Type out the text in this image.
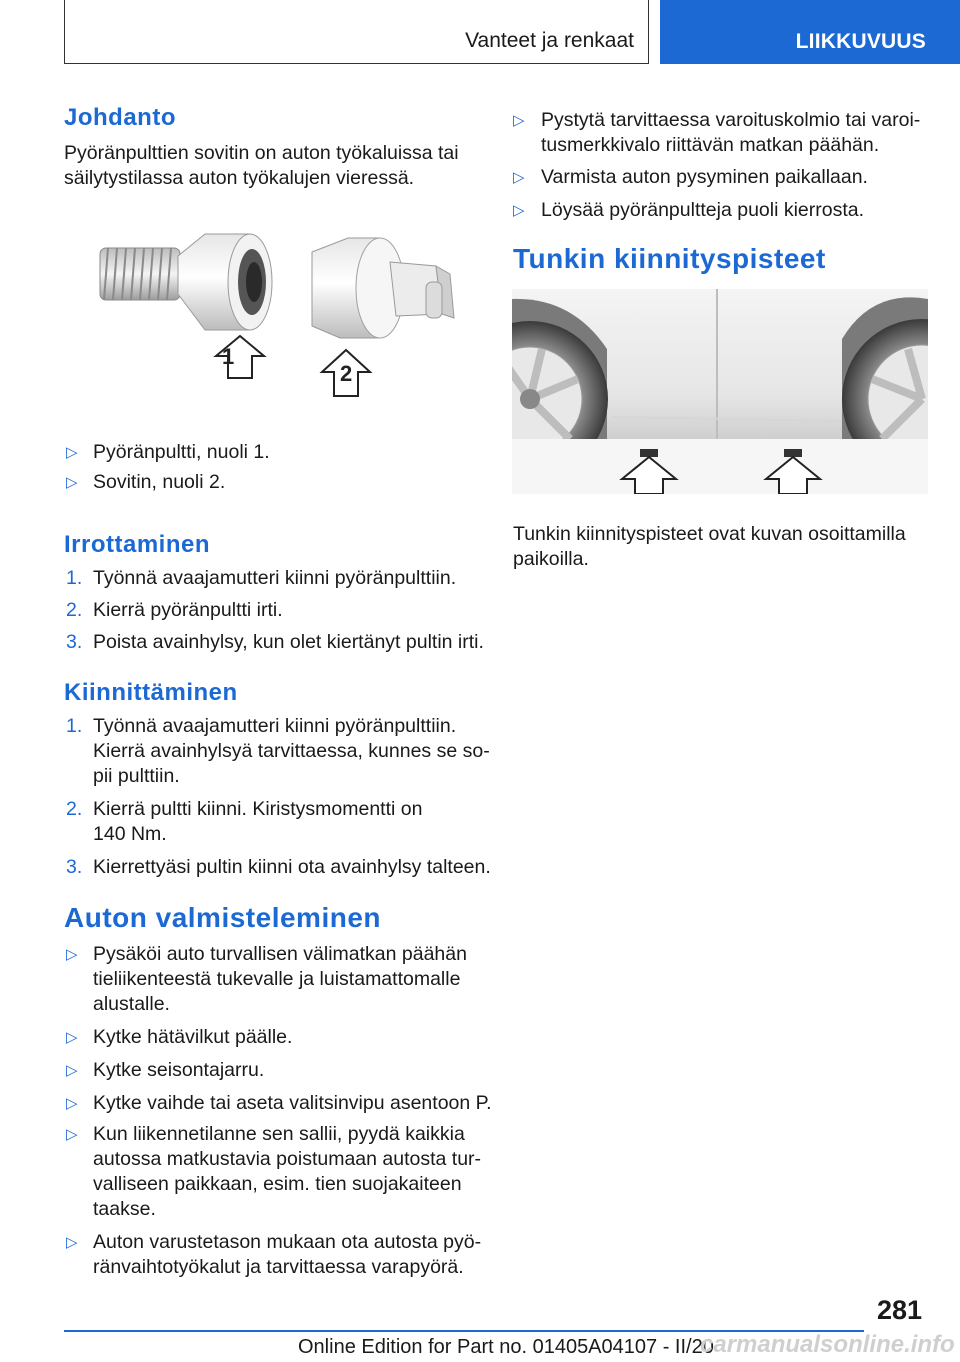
Vanteet ja renkaat	LIIKKUVUUS
Johdanto
Pyöränpulttien sovitin on auton työkaluissa tai
säilytystilassa auton työkalujen vieressä.
1
2
▷ Pyöränpultti, nuoli 1.
▷ Sovitin, nuoli 2.
Irrottaminen
1. Työnnä avaajamutteri kiinni pyöränpulttiin.
2. Kierrä pyöränpultti irti.
3. Poista avainhylsy, kun olet kiertänyt pultin irti.
Kiinnittäminen
1. Työnnä avaajamutteri kiinni pyöränpulttiin.
Kierrä avainhylsyä tarvittaessa, kunnes se so‐
pii pulttiin.
2. Kierrä pultti kiinni. Kiristysmomentti on
140 Nm.
3. Kierrettyäsi pultin kiinni ota avainhylsy talteen.
Auton valmisteleminen
▷ Pysäköi auto turvallisen välimatkan päähän
tieliikenteestä tukevalle ja luistamattomalle
alustalle.
▷ Kytke hätävilkut päälle.
▷ Kytke seisontajarru.
▷ Kytke vaihde tai aseta valitsinvipu asentoon P.
▷ Kun liikennetilanne sen sallii, pyydä kaikkia
autossa matkustavia poistumaan autosta tur‐
valliseen paikkaan, esim. tien suojakaiteen
taakse.
▷ Auton varustetason mukaan ota autosta pyö‐
ränvaihtotyökalut ja tarvittaessa varapyörä.
▷ Pystytä tarvittaessa varoituskolmio tai varoi‐
tusmerkkivalo riittävän matkan päähän.
▷ Varmista auton pysyminen paikallaan.
▷ Löysää pyöränpultteja puoli kierrosta.
Tunkin kiinnityspisteet
Tunkin kiinnityspisteet ovat kuvan osoittamilla
paikoilla.
281
Online Edition for Part no. 01405A04107 - II/20
carmanualsonline.info
